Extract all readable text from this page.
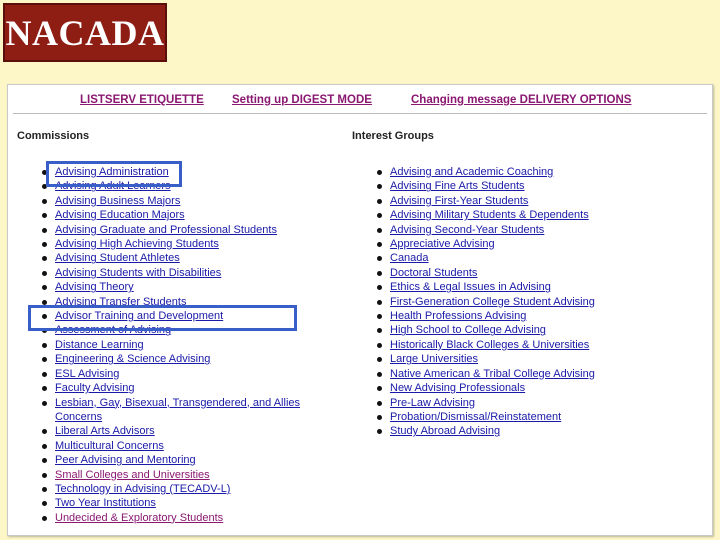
NACADA
LISTSERV ETIQUETTE Setting up DIGEST MODE	Changing message DELIVERY OPTIONS
Commissions	Interest Groups
Advising Administration
Advising Adult Learners
Advising Business Majors
Advising Education Majors
Advising Graduate and Professional Students
Advising High Achieving Students
Advising Student Athletes
Advising Students with Disabilities
Advising Theory
Advising Transfer Students
Advisor Training and Development
Assessment of Advising
Distance Learning
Engineering & Science Advising
ESL Advising
Faculty Advising
Lesbian, Gay, Bisexual, Transgendered, and Allies Concerns
Liberal Arts Advisors
Multicultural Concerns
Peer Advising and Mentoring
Small Colleges and Universities
Technology in Advising (TECADV-L)
Two Year Institutions
Undecided & Exploratory Students
Advising and Academic Coaching
Advising Fine Arts Students
Advising First-Year Students
Advising Military Students & Dependents
Advising Second-Year Students
Appreciative Advising
Canada
Doctoral Students
Ethics & Legal Issues in Advising
First-Generation College Student Advising
Health Professions Advising
High School to College Advising
Historically Black Colleges & Universities
Large Universities
Native American & Tribal College Advising
New Advising Professionals
Pre-Law Advising
Probation/Dismissal/Reinstatement
Study Abroad Advising
